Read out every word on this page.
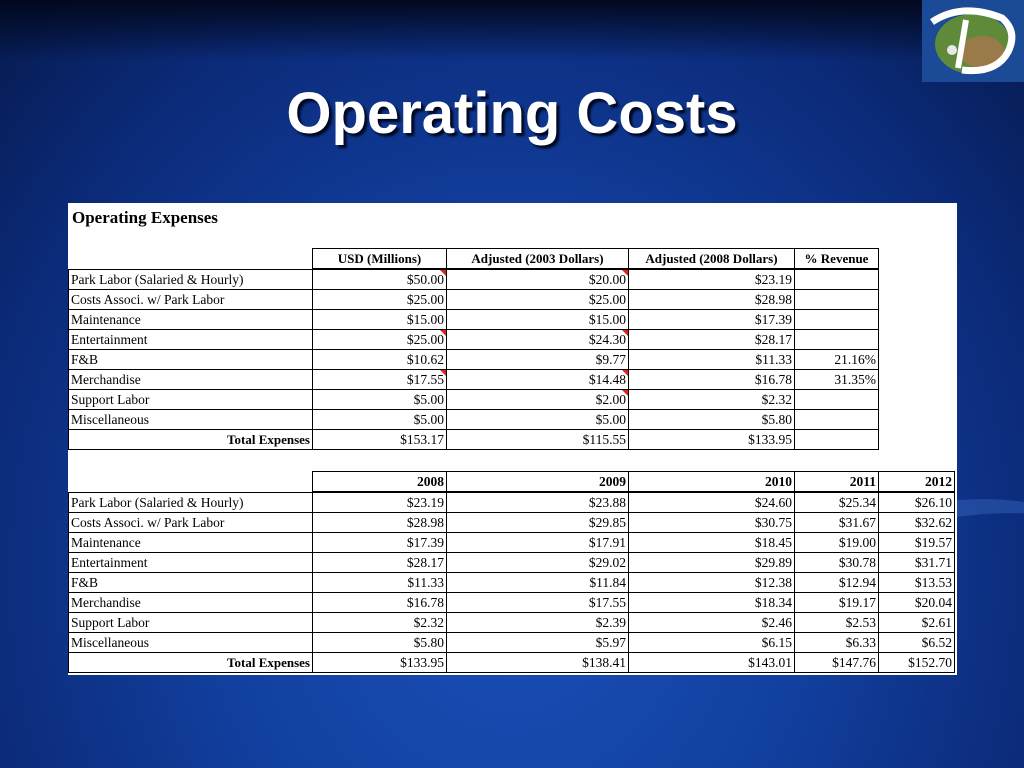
Operating Costs
Operating Expenses
USD (Millions)	Adjusted (2003 Dollars)	Adjusted (2008 Dollars)	% Revenue
Park Labor (Salaried & Hourly)	$50.00	$20.00	$23.19	
Costs Associ. w/ Park Labor	$25.00	$25.00	$28.98	
Maintenance	$15.00	$15.00	$17.39	
Entertainment	$25.00	$24.30	$28.17	
F&B	$10.62	$9.77	$11.33	21.16%
Merchandise	$17.55	$14.48	$16.78	31.35%
Support Labor	$5.00	$2.00	$2.32	
Miscellaneous	$5.00	$5.00	$5.80	
Total Expenses	$153.17	$115.55	$133.95	
2008	2009	2010	2011	2012
Park Labor (Salaried & Hourly)	$23.19	$23.88	$24.60	$25.34	$26.10
Costs Associ. w/ Park Labor	$28.98	$29.85	$30.75	$31.67	$32.62
Maintenance	$17.39	$17.91	$18.45	$19.00	$19.57
Entertainment	$28.17	$29.02	$29.89	$30.78	$31.71
F&B	$11.33	$11.84	$12.38	$12.94	$13.53
Merchandise	$16.78	$17.55	$18.34	$19.17	$20.04
Support Labor	$2.32	$2.39	$2.46	$2.53	$2.61
Miscellaneous	$5.80	$5.97	$6.15	$6.33	$6.52
Total Expenses	$133.95	$138.41	$143.01	$147.76	$152.70
